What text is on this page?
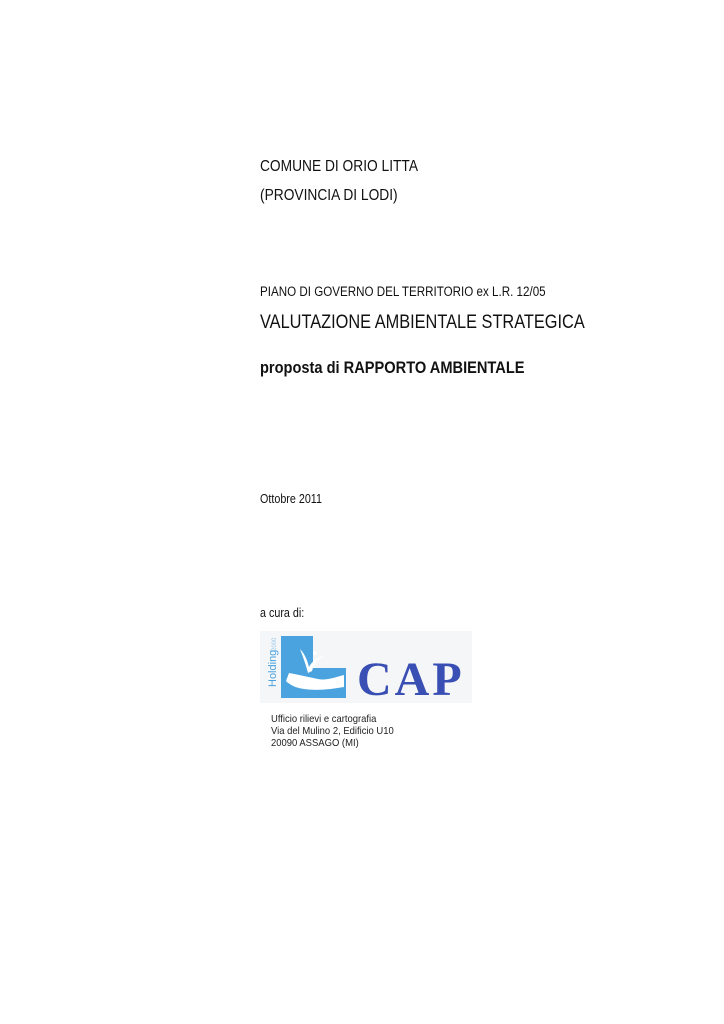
COMUNE DI ORIO LITTA
(PROVINCIA DI LODI)
PIANO DI GOVERNO DEL TERRITORIO ex L.R. 12/05
VALUTAZIONE AMBIENTALE STRATEGICA
proposta di RAPPORTO AMBIENTALE
Ottobre 2011
a cura di:
Holding
2000
CAP
Ufficio rilievi e cartografia
Via del Mulino 2, Edificio U10
20090 ASSAGO (MI)
